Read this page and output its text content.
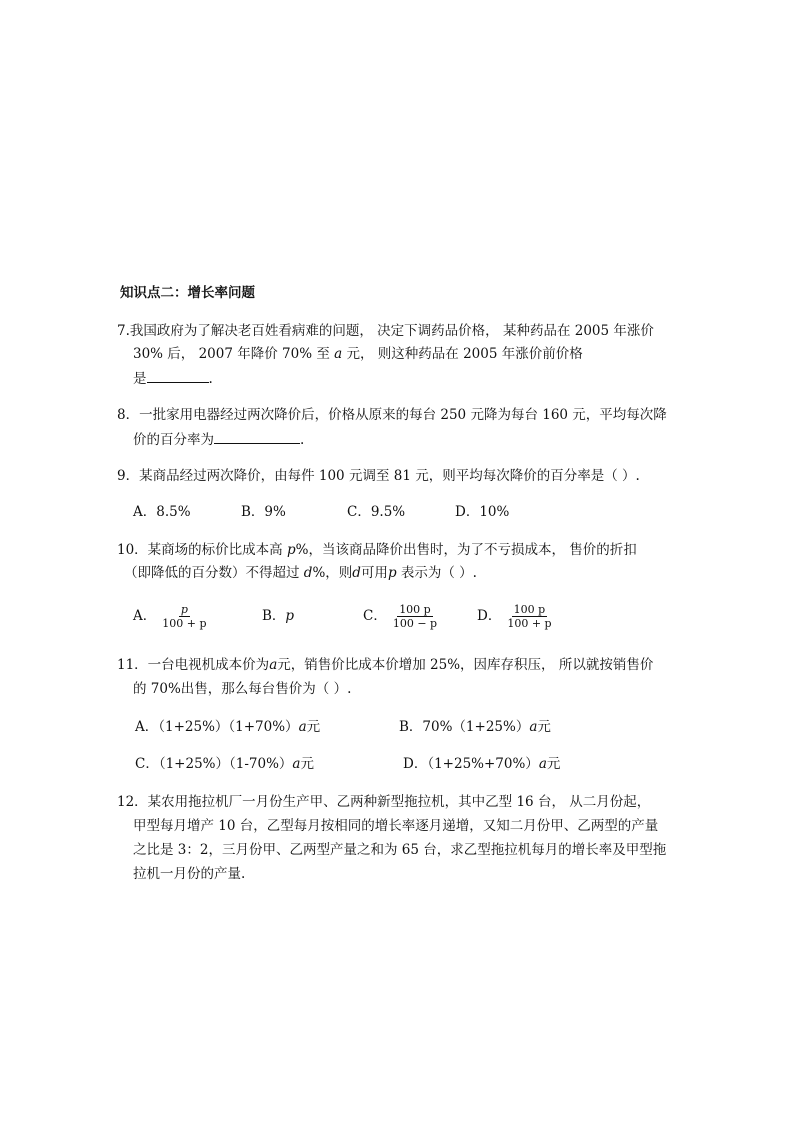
知识点二：增长率问题
7.我国政府为了解决老百姓看病难的问题， 决定下调药品价格， 某种药品在 2005 年涨价
30% 后， 2007 年降价 70% 至 a 元， 则这种药品在 2005 年涨价前价格
是	.
8．一批家用电器经过两次降价后，价格从原来的每台 250 元降为每台 160 元，平均每次降
价的百分率为	.
9．某商品经过两次降价，由每件 100 元调至 81 元，则平均每次降价的百分率是（ ）.
A．8.5%	B．9%	C．9.5%	D．10%
10．某商场的标价比成本高 p%，当该商品降价出售时，为了不亏损成本， 售价的折扣
（即降低的百分数）不得超过 d%，则d可用p 表示为（ ）.
A． $\frac{p}{100 + p}$	B．p	C． $\frac{100 p}{100 - p}$	D． $\frac{100 p}{100 + p}$
11．一台电视机成本价为a元，销售价比成本价增加 25%，因库存积压， 所以就按销售价
的 70%出售，那么每台售价为（ ）.
A．（1+25%）（1+70%）a元	B．70%（1+25%）a元
C．（1+25%）（1-70%）a元	D．（1+25%+70%）a元
12．某农用拖拉机厂一月份生产甲、乙两种新型拖拉机，其中乙型 16 台， 从二月份起，
甲型每月增产 10 台，乙型每月按相同的增长率逐月递增，又知二月份甲、乙两型的产量
之比是 3：2，三月份甲、乙两型产量之和为 65 台，求乙型拖拉机每月的增长率及甲型拖
拉机一月份的产量.
